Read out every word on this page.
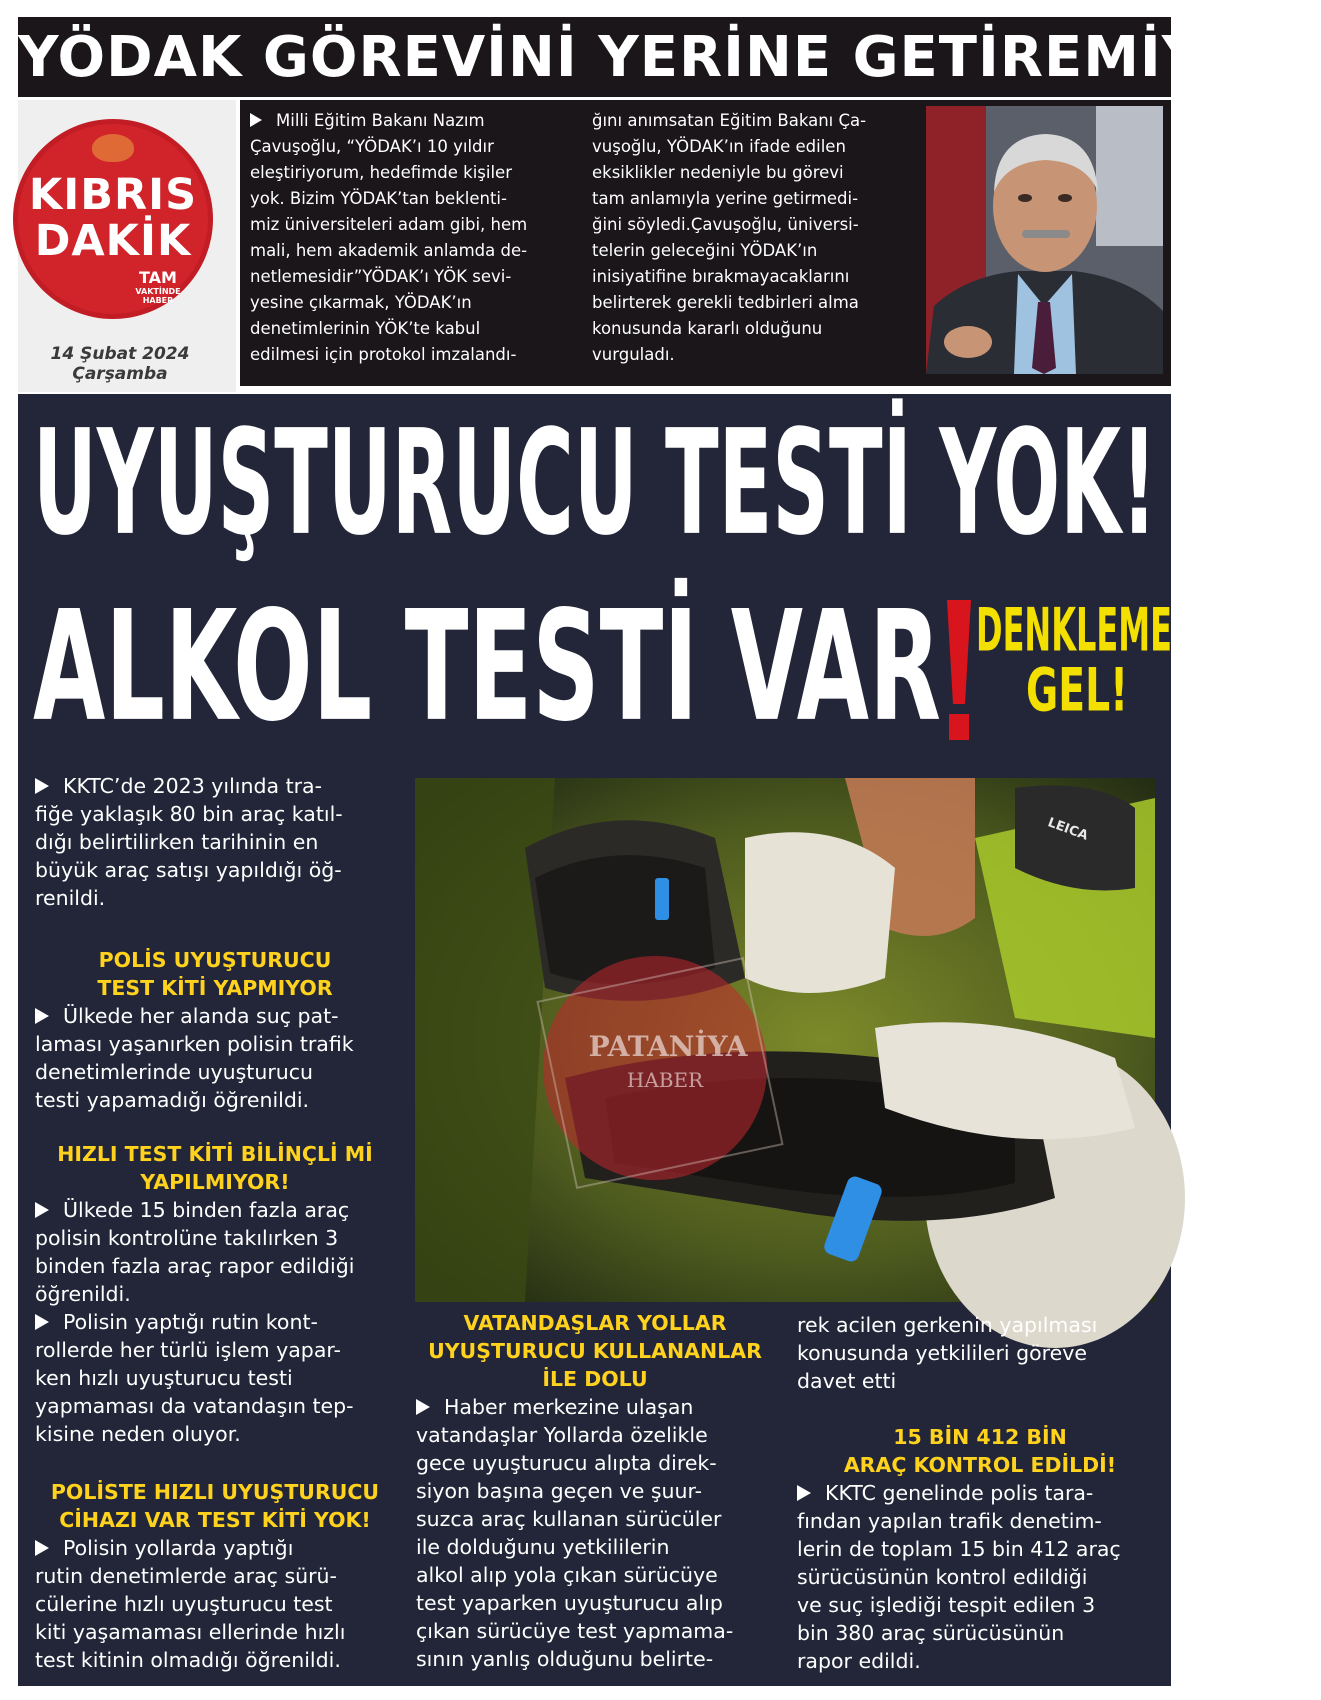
YÖDAK GÖREVİNİ YERİNE GETİREMİYOR!
KIBRIS
DAKİK
TAM
VAKTİNDE
HABER
14 Şubat 2024
Çarşamba
Milli Eğitim Bakanı Nazım
Çavuşoğlu, “YÖDAK’ı 10 yıldır
eleştiriyorum, hedefimde kişiler
yok. Bizim YÖDAK’tan beklenti-
miz üniversiteleri adam gibi, hem
mali, hem akademik anlamda de-
netlemesidir”YÖDAK’ı YÖK sevi-
yesine çıkarmak, YÖDAK’ın
denetimlerinin YÖK’te kabul
edilmesi için protokol imzalandı-
ğını anımsatan Eğitim Bakanı Ça-
vuşoğlu, YÖDAK’ın ifade edilen
eksiklikler nedeniyle bu görevi
tam anlamıyla yerine getirmedi-
ğini söyledi.Çavuşoğlu, üniversi-
telerin geleceğini YÖDAK’ın
inisiyatifine bırakmayacaklarını
belirterek gerekli tedbirleri alma
konusunda kararlı olduğunu
vurguladı.
UYUŞTURUCU TESTİ YOK!
ALKOL TESTİ VAR DENKLEME
GEL!
KKTC’de 2023 yılında tra-
fiğe yaklaşık 80 bin araç katıl-
dığı belirtilirken tarihinin en
büyük araç satışı yapıldığı öğ-
renildi.
POLİS UYUŞTURUCU
TEST KİTİ YAPMIYOR
Ülkede her alanda suç pat-
laması yaşanırken polisin trafik
denetimlerinde uyuşturucu
testi yapamadığı öğrenildi.
HIZLI TEST KİTİ BİLİNÇLİ Mİ
YAPILMIYOR!
Ülkede 15 binden fazla araç
polisin kontrolüne takılırken 3
binden fazla araç rapor edildiği
öğrenildi.
Polisin yaptığı rutin kont-
rollerde her türlü işlem yapar-
ken hızlı uyuşturucu testi
yapmaması da vatandaşın tep-
kisine neden oluyor.
POLİSTE HIZLI UYUŞTURUCU
CİHAZI VAR TEST KİTİ YOK!
Polisin yollarda yaptığı
rutin denetimlerde araç sürü-
cülerine hızlı uyuşturucu test
kiti yaşamaması ellerinde hızlı
test kitinin olmadığı öğrenildi.
PATANİYA
HABER
LEICA
VATANDAŞLAR YOLLAR
UYUŞTURUCU KULLANANLAR
İLE DOLU
Haber merkezine ulaşan
vatandaşlar Yollarda özelikle
gece uyuşturucu alıpta direk-
siyon başına geçen ve şuur-
suzca araç kullanan sürücüler
ile dolduğunu yetkililerin
alkol alıp yola çıkan sürücüye
test yaparken uyuşturucu alıp
çıkan sürücüye test yapmama-
sının yanlış olduğunu belirte-
rek acilen gerkenin yapılması
konusunda yetkilileri göreve
davet etti
15 BİN 412 BİN
ARAÇ KONTROL EDİLDİ!
KKTC genelinde polis tara-
fından yapılan trafik denetim-
lerin de toplam 15 bin 412 araç
sürücüsünün kontrol edildiği
ve suç işlediği tespit edilen 3
bin 380 araç sürücüsünün
rapor edildi.
